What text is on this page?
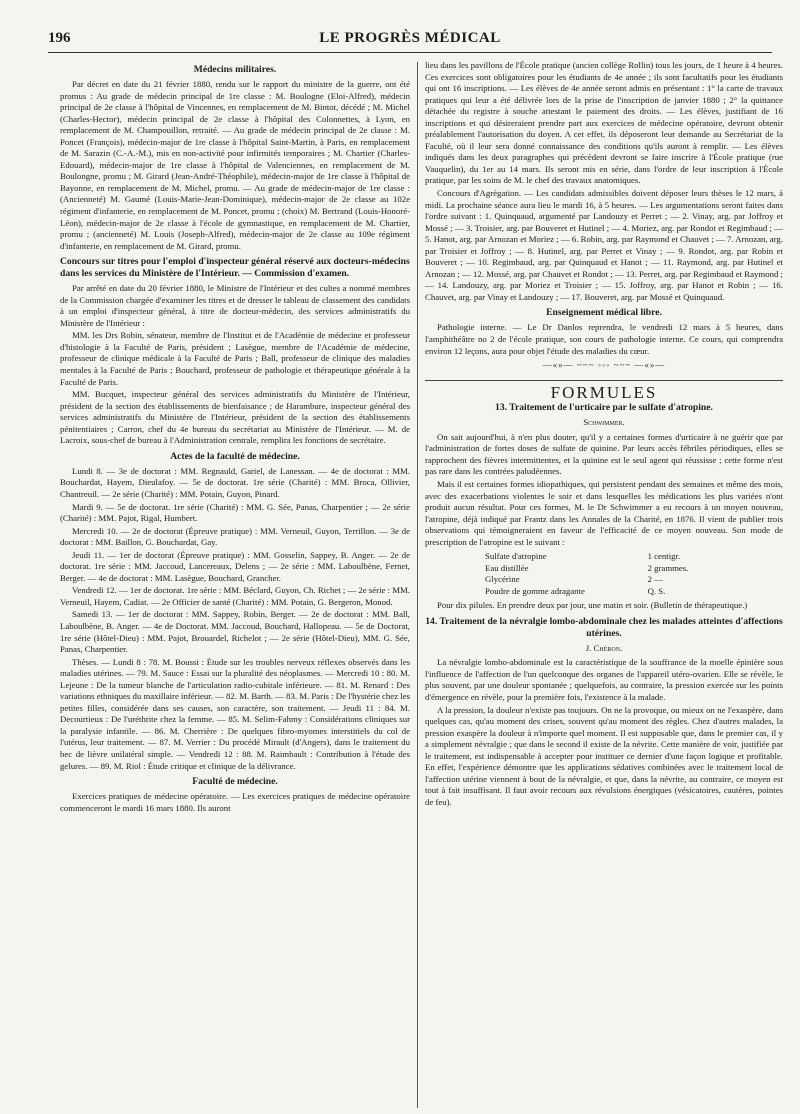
196	LE PROGRÈS MÉDICAL
Médecins militaires.

Par décret en date du 21 février 1880, rendu sur le rapport du ministre de la guerre, ont été promus : Au grade de médecin principal de 1re classe : M. Boulogne (Eloi-Alfred), médecin principal de 2e classe à l'hôpital de Vincennes, en remplacement de M. Bintot, décédé ; M. Michel (Charles-Hector), médecin principal de 2e classe à l'hôpital des Colonnettes, à Lyon, en remplacement de M. Champouillon, retraité. — Au grade de médecin principal de 2e classe : M. Poncet (François), médecin-major de 1re classe à l'hôpital Saint-Martin, à Paris, en remplacement de M. Sarazin (C.-A.-M.), mis en non-activité pour infirmités temporaires ; M. Chartier (Charles-Edouard), médecin-major de 1re classe à l'hôpital de Valenciennes, en remplacement de M. Boulongne, promu ; M. Girard (Jean-André-Théophile), médecin-major de 1re classe à l'hôpital de Bayonne, en remplacement de M. Michel, promu. — Au grade de médecin-major de 1re classe : (Ancienneté) M. Gaumé (Louis-Marie-Jean-Dominique), médecin-major de 2e classe au 102e régiment d'infanterie, en remplacement de M. Poncet, promu ; (choix) M. Bertrand (Louis-Honoré-Léon), médecin-major de 2e classe à l'école de gymnastique, en remplacement de M. Chartier, promu ; (ancienneté) M. Louis (Joseph-Alfred), médecin-major de 2e classe au 109e régiment d'infanterie, en remplacement de M. Girard, promu.

Concours sur titres pour l'emploi d'inspecteur général réservé aux docteurs-médecins dans les services du Ministère de l'Intérieur. — Commission d'examen.

Par arrêté en date du 20 février 1880, le Ministre de l'Intérieur et des cultes a nommé membres de la Commission chargée d'examiner les titres et de dresser le tableau de classement des candidats à un emploi d'inspecteur général, à titre de docteur-médecin, des services administratifs du Ministère de l'Intérieur :

MM. les Drs Robin, sénateur, membre de l'Institut et de l'Académie de médecine et professeur d'histologie à la Faculté de Paris, président ; Lasègue, membre de l'Académie de médecine, professeur de clinique médicale à la Faculté de Paris ; Ball, professeur de clinique des maladies mentales à la Faculté de Paris ; Bouchard, professeur de pathologie et thérapeutique générale à la Faculté de Paris.

MM. Bucquet, inspecteur général des services administratifs du Ministère de l'Intérieur, président de la section des établissements de bienfaisance ; de Harambure, inspecteur général des services administratifs du Ministère de l'Intérieur, président de la section des établissements pénitentiaires ; Carron, chef du 4e bureau du secrétariat au Ministère de l'Intérieur. — M. de Lacroix, sous-chef de bureau à l'Administration centrale, remplira les fonctions de secrétaire.

Actes de la faculté de médecine.

Lundi 8. — 3e de doctorat : MM. Regnauld, Gariel, de Lanessan. — 4e de doctorat : MM. Bouchardat, Hayem, Dieulafoy. — 5e de doctorat. 1re série (Charité) : MM. Broca, Ollivier, Chantreuil. — 2e série (Charité) : MM. Potain, Guyon, Pinard.

Mardi 9. — 5e de doctorat. 1re série (Charité) : MM. G. Sée, Panas, Charpentier ; — 2e série (Charité) : MM. Pajot, Rigal, Humbert.

Mercredi 10. — 2e de doctorat (Épreuve pratique) : MM. Verneuil, Guyon, Terrillon. — 3e de doctorat : MM. Baillon, G. Bouchardat, Gay.

Jeudi 11. — 1er de doctorat (Épreuve pratique) : MM. Gosselin, Sappey, B. Anger. — 2e de doctorat. 1re série : MM. Jaccoud, Lancereaux, Delens ; — 2e série : MM. Laboulbène, Fernet, Berger. — 4e de doctorat : MM. Lasègue, Bouchard, Grancher.

Vendredi 12. — 1er de doctorat. 1re série : MM. Béclard, Guyon, Ch. Richet ; — 2e série : MM. Verneuil, Hayem, Cadiat. — 2e Officier de santé (Charité) : MM. Potain, G. Bergeron, Monod.

Samedi 13. — 1er de doctorat : MM. Sappey, Robin, Berger. — 2e de doctorat : MM. Ball, Laboulbène, B. Anger. — 4e de Doctorat. MM. Jaccoud, Bouchard, Hallopeau. — 5e de Doctorat, 1re série (Hôtel-Dieu) : MM. Pajot, Brouardel, Richelot ; — 2e série (Hôtel-Dieu), MM. G. Sée, Panas, Charpentier.

Thèses. — Lundi 8 : 78. M. Boussi : Étude sur les troubles nerveux réflexes observés dans les maladies utérines. — 79. M. Sauce : Essai sur la pluralité des néoplasmes. — Mercredi 10 : 80. M. Lejeune : De la tumeur blanche de l'articulation radio-cubitale inférieure. — 81. M. Renard : Des variations ethniques du maxillaire inférieur. — 82. M. Barth. — 83. M. Paris : De l'hystérie chez les petites filles, considérée dans ses causes, son caractère, son traitement. — Jeudi 11 : 84. M. Decourtieux : De l'uréthrite chez la femme. — 85. M. Selim-Fahmy : Considérations cliniques sur la paralysie infantile. — 86. M. Cherrière : De quelques fibro-myomes interstitiels du col de l'utérus, leur traitement. — 87. M. Verrier : Du procédé Mirault (d'Angers), dans le traitement du bec de lièvre unilatéral simple. — Vendredi 12 : 88. M. Raimbault : Contribution à l'étude des gelures. — 89. M. Riol : Étude critique et clinique de la délivrance.

Faculté de médecine.

Exercices pratiques de médecine opératoire. — Les exercices pratiques de médecine opératoire commenceront le mardi 16 mars 1880. Ils auront

lieu dans les pavillons de l'École pratique (ancien collège Rollin) tous les jours, de 1 heure à 4 heures. Ces exercices sont obligatoires pour les étudiants de 4e année ; ils sont facultatifs pour les étudiants qui ont 16 inscriptions. — Les élèves de 4e année seront admis en présentant : 1° la carte de travaux pratiques qui leur a été délivrée lors de la prise de l'inscription de janvier 1880 ; 2° la quittance détachée du registre à souche attestant le paiement des droits. — Les élèves, justifiant de 16 inscriptions et qui désireraient prendre part aux exercices de médecine opératoire, devront obtenir préalablement l'autorisation du doyen. A cet effet, ils déposeront leur demande au Secrétariat de la Faculté, où il leur sera donné connaissance des conditions qu'ils auront à remplir. — Les élèves indiqués dans les deux paragraphes qui précèdent devront se faire inscrire à l'École pratique (rue Vauquelin), du 1er au 14 mars. Ils seront mis en série, dans l'ordre de leur inscription à l'École pratique, par les soins de M. le chef des travaux anatomiques.

Concours d'Agrégation. — Les candidats admissibles doivent déposer leurs thèses le 12 mars, à midi. La prochaine séance aura lieu le mardi 16, à 5 heures. — Les argumentations seront faites dans l'ordre suivant : 1. Quinquaud, argumenté par Landouzy et Perret ; — 2. Vinay, arg. par Joffroy et Mossé ; — 3. Troisier, arg. par Bouveret et Hutinel ; — 4. Moriez, arg. par Rondot et Regimbaud ; — 5. Hanot, arg. par Arnozan et Moriez ; — 6. Robin, arg. par Raymond et Chauvet ; — 7. Arnozan, arg. par Troisier et Joffroy ; — 8. Hutinel, arg. par Perret et Vinay ; — 9. Rondot, arg. par Robin et Bouveret ; — 10. Regimbaud, arg. par Quinquaud et Hanot ; — 11. Raymond, arg. par Hutinel et Arnozan ; — 12. Mossé, arg. par Chauvet et Rondot ; — 13. Perret, arg. par Regimbaud et Raymond ; — 14. Landouzy, arg. par Moriez et Troisier ; — 15. Joffroy, arg. par Hanot et Robin ; — 16. Chauvet, arg. par Vinay et Landouzy ; — 17. Bouveret, arg. par Mossé et Quinquaud.

Enseignement médical libre.

Pathologie interne. — Le Dr Danlos reprendra, le vendredi 12 mars à 5 heures, dans l'amphithéâtre no 2 de l'école pratique, son cours de pathologie interne. Ce cours, qui comprendra environ 12 leçons, aura pour objet l'étude des maladies du cœur.

—«»— ~~~ ◦◦◦ ~~~ —«»—
FORMULES
13. Traitement de l'urticaire par le sulfate d'atropine.
Schwimmer.

On sait aujourd'hui, à n'en plus douter, qu'il y a certaines formes d'urticaire à ne guérir que par l'administration de fortes doses de sulfate de quinine. Par leurs accès fébriles périodiques, elles se rapprochent des fièvres intermittentes, et la quinine est le seul agent qui réussisse ; cette forme n'est pas rare dans les contrées paludéennes.

Mais il est certaines formes idiopathiques, qui persistent pendant des semaines et même des mois, avec des exacerbations violentes le soir et dans lesquelles les médications les plus variées n'ont produit aucun résultat. Pour ces formes, M. le Dr Schwimmer a eu recours à un moyen nouveau, l'atropine, déjà indiqué par Frantz dans les Annales de la Charité, en 1876. Il vient de publier trois observations qui témoigneraient en faveur de l'efficacité de ce moyen nouveau. Son mode de prescription de l'atropine est le suivant :

Sulfate d'atropine	1 centigr.
Eau distillée	2 grammes.
Glycérine	2 —
Poudre de gomme adragante	Q. S.

Pour dix pilules. En prendre deux par jour, une matin et soir. (Bulletin de thérapeutique.)

14. Traitement de la névralgie lombo-abdominale chez les malades atteintes d'affections utérines.
J. Chéron.

La névralgie lombo-abdominale est la caractéristique de la souffrance de la moelle épinière sous l'influence de l'affection de l'un quelconque des organes de l'appareil utéro-ovarien. Elle se révèle, le plus souvent, par une douleur spontanée ; quelquefois, au contraire, la pression exercée sur les points d'émergence en révèle, pour la première fois, l'existence à la malade.

A la pression, la douleur n'existe pas toujours. On ne la provoque, ou mieux on ne l'exaspère, dans quelques cas, qu'au moment des crises, souvent qu'au moment des règles. Chez d'autres malades, la pression exaspère la douleur à n'importe quel moment. Il est supposable que, dans le premier cas, il y a simplement névralgie ; que dans le second il existe de la névrite. Cette manière de voir, justifiée par le traitement, est indispensable à accepter pour instituer ce dernier d'une façon logique et profitable. En effet, l'expérience démontre que les applications sédatives combinées avec le traitement local de l'affection utérine viennent à bout de la névralgie, et que, dans la névrite, au contraire, ce moyen est tout à fait insuffisant. Il faut avoir recours aux révulsions énergiques (vésicatoires, cautères, pointes de feu).
